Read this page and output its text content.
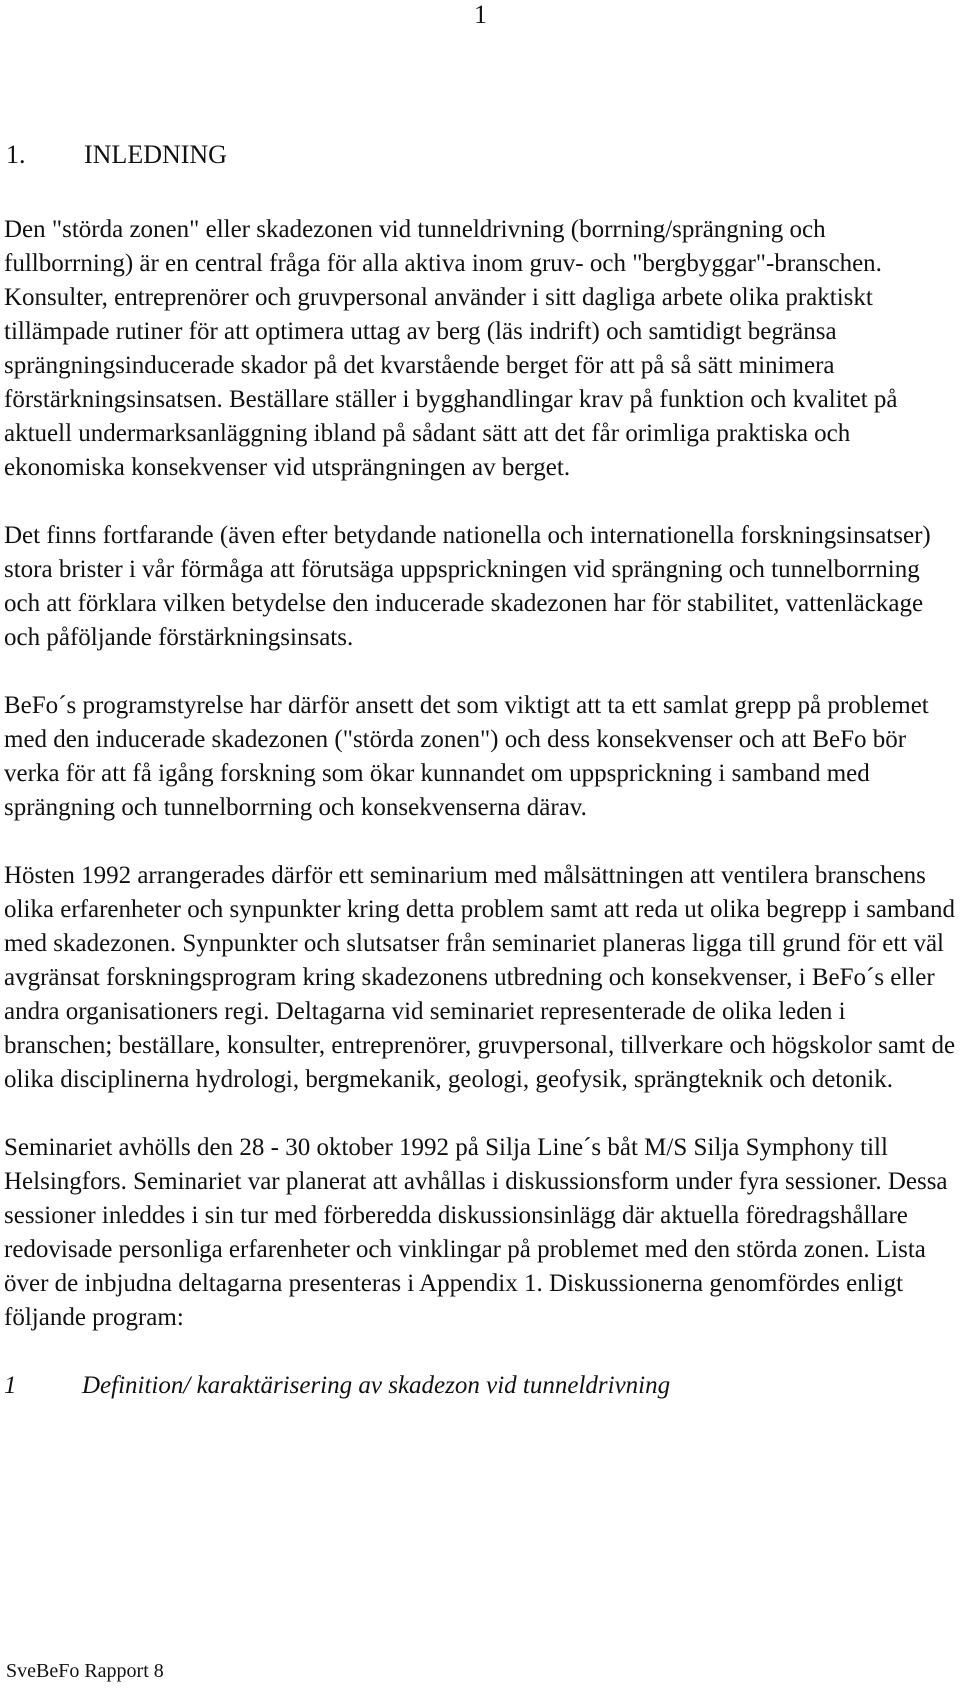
1
1.	INLEDNING

Den "störda zonen" eller skadezonen vid tunneldrivning (borrning/sprängning och fullborrning) är en central fråga för alla aktiva inom gruv- och "bergbyggar"-branschen. Konsulter, entreprenörer och gruvpersonal använder i sitt dagliga arbete olika praktiskt tillämpade rutiner för att optimera uttag av berg (läs indrift) och samtidigt begränsa sprängningsinducerade skador på det kvarstående berget för att på så sätt minimera förstärkningsinsatsen. Beställare ställer i bygghandlingar krav på funktion och kvalitet på aktuell undermarksanläggning ibland på sådant sätt att det får orimliga praktiska och ekonomiska konsekvenser vid utsprängningen av berget.

Det finns fortfarande (även efter betydande nationella och internationella forskningsinsatser) stora brister i vår förmåga att förutsäga uppsprickningen vid sprängning och tunnelborrning och att förklara vilken betydelse den inducerade skadezonen har för stabilitet, vattenläckage och påföljande förstärkningsinsats.

BeFo´s programstyrelse har därför ansett det som viktigt att ta ett samlat grepp på problemet med den inducerade skadezonen ("störda zonen") och dess konsekvenser och att BeFo bör verka för att få igång forskning som ökar kunnandet om uppsprickning i samband med sprängning och tunnelborrning och konsekvenserna därav.

Hösten 1992 arrangerades därför ett seminarium med målsättningen att ventilera branschens olika erfarenheter och synpunkter kring detta problem samt att reda ut olika begrepp i samband med skadezonen. Synpunkter och slutsatser från seminariet planeras ligga till grund för ett väl avgränsat forskningsprogram kring skadezonens utbredning och konsekvenser, i BeFo´s eller andra organisationers regi. Deltagarna vid seminariet representerade de olika leden i branschen; beställare, konsulter, entreprenörer, gruvpersonal, tillverkare och högskolor samt de olika disciplinerna hydrologi, bergmekanik, geologi, geofysik, sprängteknik och detonik.

Seminariet avhölls den 28 - 30 oktober 1992 på Silja Line´s båt M/S Silja Symphony till Helsingfors. Seminariet var planerat att avhållas i diskussionsform under fyra sessioner. Dessa sessioner inleddes i sin tur med förberedda diskussionsinlägg där aktuella föredragshållare redovisade personliga erfarenheter och vinklingar på problemet med den störda zonen. Lista över de inbjudna deltagarna presenteras i Appendix 1. Diskussionerna genomfördes enligt följande program:

1	Definition/ karaktärisering av skadezon vid tunneldrivning
SveBeFo Rapport 8
